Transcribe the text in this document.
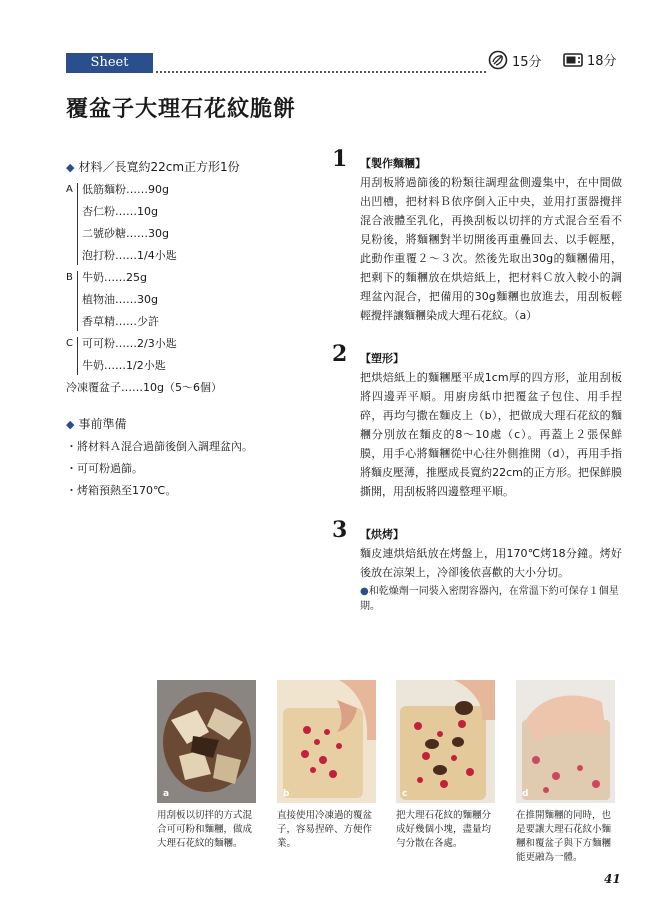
Sheet	15分	18分
覆盆子大理石花紋脆餅
◆ 材料／長寬約22cm正方形1份
A 低筋麵粉……90g
杏仁粉……10g
二號砂糖……30g
泡打粉……1/4小匙
B 牛奶……25g
植物油……30g
香草精……少許
C 可可粉……2/3小匙
牛奶……1/2小匙
冷凍覆盆子……10g（5～6個）
◆ 事前準備
・將材料Ａ混合過篩後倒入調理盆內。
・可可粉過篩。
・烤箱預熱至170℃。
1 【製作麵糰】
用刮板將過篩後的粉類往調理盆側邊集中，在中間做出凹槽，把材料Ｂ依序倒入正中央，並用打蛋器攪拌混合液體至乳化，再換刮板以切拌的方式混合至看不見粉後，將麵糰對半切開後再重疊回去、以手輕壓，此動作重覆２～３次。然後先取出30g的麵糰備用，把剩下的麵糰放在烘焙紙上，把材料Ｃ放入較小的調理盆內混合，把備用的30g麵糰也放進去，用刮板輕輕攪拌讓麵糰染成大理石花紋。（a）
2 【塑形】
把烘焙紙上的麵糰壓平成1cm厚的四方形，並用刮板將四邊弄平順。用廚房紙巾把覆盆子包住、用手捏碎，再均勻撒在麵皮上（b），把做成大理石花紋的麵糰分別放在麵皮的8～10處（c）。再蓋上２張保鮮膜，用手心將麵糰從中心往外側推開（d），再用手指將麵皮壓薄，推壓成長寬約22cm的正方形。把保鮮膜撕開，用刮板將四邊整理平順。
3 【烘烤】
麵皮連烘焙紙放在烤盤上，用170℃烤18分鐘。烤好後放在涼架上，冷卻後依喜歡的大小分切。
●和乾燥劑一同裝入密閉容器內，在常溫下約可保存１個星期。
a	b	c	d
用刮板以切拌的方式混合可可粉和麵糰，做成大理石花紋的麵糰。
直接使用冷凍過的覆盆子，容易捏碎、方便作業。
把大理石花紋的麵糰分成好幾個小塊，盡量均勻分散在各處。
在推開麵糰的同時，也是要讓大理石花紋小麵糰和覆盆子與下方麵糰能更融為一體。
41
